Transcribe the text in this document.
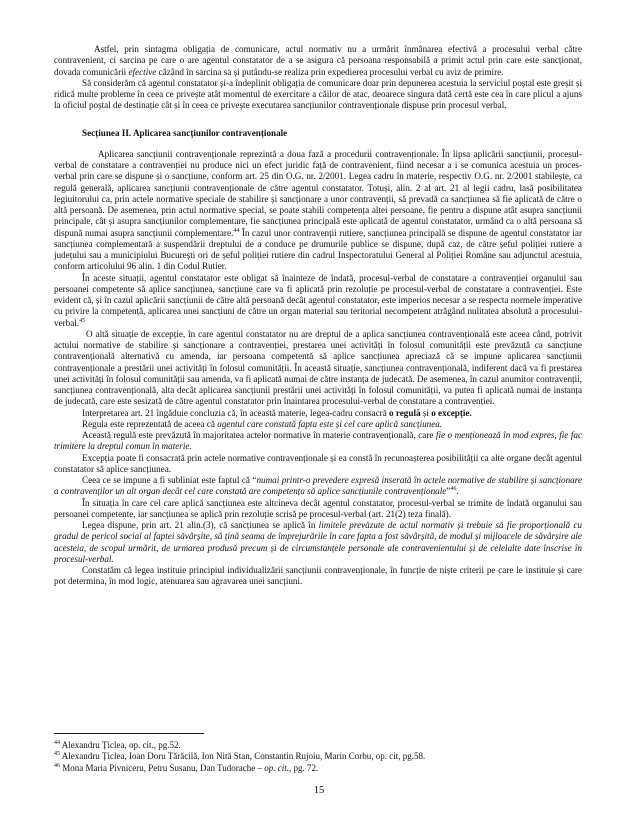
Astfel, prin sintagma obligația de comunicare, actul normativ nu a urmărit înmânarea efectivă a procesului verbal către contravenient, ci sarcina pe care o are agentul constatator de a se asigura că persoana responsabilă a primit actul prin care este sancționat, dovada comunicării efective căzând în sarcina sa și putându-se realiza prin expedierea procesului verbal cu aviz de primire.

Să considerăm că agentul constatator și-a îndeplinit obligația de comunicare doar prin depunerea acestuia la serviciul poștal este greșit și ridică multe probleme în ceea ce privește atât momentul de exercitare a căilor de atac, deoarece singura dată certă este cea în care plicul a ajuns la oficiul poștal de destinație cât și în ceea ce privește executarea sancțiunilor contravenționale dispuse prin procesul verbal.

Secțiunea II. Aplicarea sancțiunilor contravenționale

Aplicarea sancțiunii contravenționale reprezintă a doua fază a procedurii contravenționale. În lipsa aplicării sancțiunii, procesul-verbal de constatare a contravenției nu produce nici un efect juridic față de contravenient, fiind necesar a i se comunica acestuia un proces-verbal prin care se dispune și o sancțiune, conform art. 25 din O.G. nr. 2/2001. Legea cadru în materie, respectiv O.G. nr. 2/2001 stabilește, ca regulă generală, aplicarea sancțiunii contravenționale de către agentul constatator. Totuși, alin. 2 al art. 21 al legii cadru, lasă posibilitatea legiuitorului ca, prin actele normative speciale de stabilire și sancționare a unor contravenții, să prevadă ca sancțiunea să fie aplicată de către o altă persoană. De asemenea, prin actul normative special, se poate stabili competența altei persoane, fie pentru a dispune atât asupra sancțiunii principale, cât și asupra sancțiunilor complementare, fie sancțiunea principală este aplicată de agentul constatator, urmând ca o altă persoana să dispună numai asupra sancțiunii complementare.$^{44}$ În cazul unor contravenții rutiere, sancțiunea principală se dispune de agentul constatator iar sancțiunea complementară a suspendării dreptului de a conduce pe drumurile publice se dispune, după caz, de către șeful poliției rutiere a județului sau a municipiului București ori de șeful poliției rutiere din cadrul Inspectoratului General al Poliției Române sau adjunctul acestuia, conform articolului 96 alin. 1 din Codul Rutier.

În aceste situații, agentul constatator este obligat să înainteze de îndată, procesul-verbal de constatare a contravenției organului sau persoanei competente să aplice sancțiunea, sancțiune care va fi aplicată prin rezoluție pe procesul-verbal de constatare a contravenției. Este evident că, și în cazul aplicării sancțiunii de către altă persoană decât agentul constatator, este imperios necesar a se respecta normele imperative cu privire la competență, aplicarea unei sancțiuni de către un organ material sau teritorial necompetent atrăgând nulitatea absolută a procesului-verbal.$^{45}$

O altă situație de excepție, în care agentul constatator nu are dreptul de a aplica sancțiunea contravențională este aceea când, potrivit actului normative de stabilire și sancționare a contravenției, prestarea unei activități în folosul comunității este prevăzută ca sancțiune contravențională alternativă cu amenda, iar persoana competentă să aplice sancțiunea apreciază că se impune aplicarea sancțiunii contravenționale a prestării unei activități în folosul comunității. În această situație, sancțiunea contravențională, indiferent dacă va fi prestarea unei activități în folosul comunității sau amenda, va fi aplicată numai de către instanța de judecată. De asemenea, în cazul anumitor contravenții, sancțiunea contravențională, alta decât aplicarea sancțiunii prestării unei activități în folosul comunității, va putea fi aplicată numai de instanța de judecată, care este sesizată de către agentul constatator prin înaintarea procesului-verbal de constatare a contravenției.

Interpretarea art. 21 îngăduie concluzia că, în această materie, legea-cadru consacră o regulă și o excepție.

Regula este reprezentată de aceea că agentul care constată fapta este și cel care aplică sancțiunea.

Această regulă este prevăzută în majoritatea actelor normative în materie contravențională, care fie o menționează în mod expres, fie fac trimitere la dreptul comun în materie.

Excepția poate fi consacrată prin actele normative contravenționale și ea constă în recunoașterea posibilității ca alte organe decât agentul constatator să aplice sancțiunea.

Ceea ce se impune a fi subliniat este faptul că “numai printr-o prevedere expresă inserată în actele normative de stabilire și sancționare a contravenților un alt organ decât cel care constată are competența să aplice sancțiunile contravenționale”$^{46}$.

În situația în care cel care aplică sancțiunea este altcineva decât agentul constatator, procesul-verbal se trimite de îndată organului sau persoanei competente, iar sancțiunea se aplică prin rezoluție scrisă pe procesul-verbal (art. 21(2) teza finală).

Legea dispune, prin art. 21 alin.(3), că sancțiunea se aplică în limitele prevăzute de actul normativ și trebuie să fie proporțională cu gradul de pericol social al faptei săvârșite, să țină seama de împrejurările în care fapta a fost săvârșită, de modul și mijloacele de săvârșire ale acesteia, de scopul urmărit, de urmarea produsă precum și de circumstanțele personale ale contravenientului și de celelalte date înscrise în procesul-verbal.

Constatăm că legea instituie principiul individualizării sancțiunii contravenționale, în funcție de niște criterii pe care le instituie și care pot determina, în mod logic, atenuarea sau agravarea unei sancțiuni.

$^{44}$ Alexandru Țiclea, op. cit., pg.52.

$^{45}$ Alexandru Țiclea, Ioan Doru Tărăcilă, Ion Nită Stan, Constantin Rujoiu, Marin Corbu, op. cit, pg.58.

$^{46}$ Mona Maria Pivniceru, Petru Susanu, Dan Tudorache – op. cit., pg. 72.

15
